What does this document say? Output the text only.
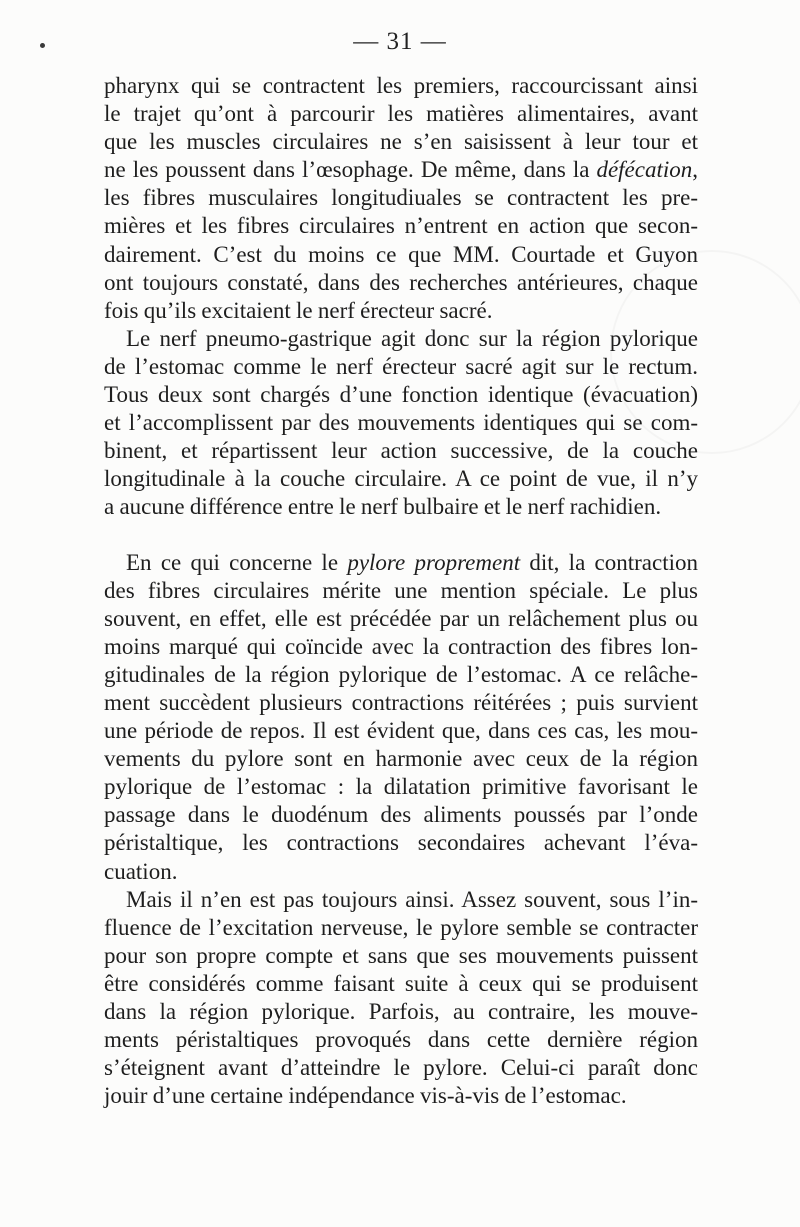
— 31 —

pharynx qui se contractent les premiers, raccourcissant ainsi
le trajet qu’ont à parcourir les matières alimentaires, avant
que les muscles circulaires ne s’en saisissent à leur tour et
ne les poussent dans l’œsophage. De même, dans la défécation,
les fibres musculaires longitudiuales se contractent les pre-
mières et les fibres circulaires n’entrent en action que secon-
dairement. C’est du moins ce que MM. Courtade et Guyon
ont toujours constaté, dans des recherches antérieures, chaque
fois qu’ils excitaient le nerf érecteur sacré.

Le nerf pneumo-gastrique agit donc sur la région pylorique
de l’estomac comme le nerf érecteur sacré agit sur le rectum.
Tous deux sont chargés d’une fonction identique (évacuation)
et l’accomplissent par des mouvements identiques qui se com-
binent, et répartissent leur action successive, de la couche
longitudinale à la couche circulaire. A ce point de vue, il n’y
a aucune différence entre le nerf bulbaire et le nerf rachidien.

En ce qui concerne le pylore proprement dit, la contraction
des fibres circulaires mérite une mention spéciale. Le plus
souvent, en effet, elle est précédée par un relâchement plus ou
moins marqué qui coïncide avec la contraction des fibres lon-
gitudinales de la région pylorique de l’estomac. A ce relâche-
ment succèdent plusieurs contractions réitérées ; puis survient
une période de repos. Il est évident que, dans ces cas, les mou-
vements du pylore sont en harmonie avec ceux de la région
pylorique de l’estomac : la dilatation primitive favorisant le
passage dans le duodénum des aliments poussés par l’onde
péristaltique, les contractions secondaires achevant l’éva-
cuation.

Mais il n’en est pas toujours ainsi. Assez souvent, sous l’in-
fluence de l’excitation nerveuse, le pylore semble se contracter
pour son propre compte et sans que ses mouvements puissent
être considérés comme faisant suite à ceux qui se produisent
dans la région pylorique. Parfois, au contraire, les mouve-
ments péristaltiques provoqués dans cette dernière région
s’éteignent avant d’atteindre le pylore. Celui-ci paraît donc
jouir d’une certaine indépendance vis-à-vis de l’estomac.
